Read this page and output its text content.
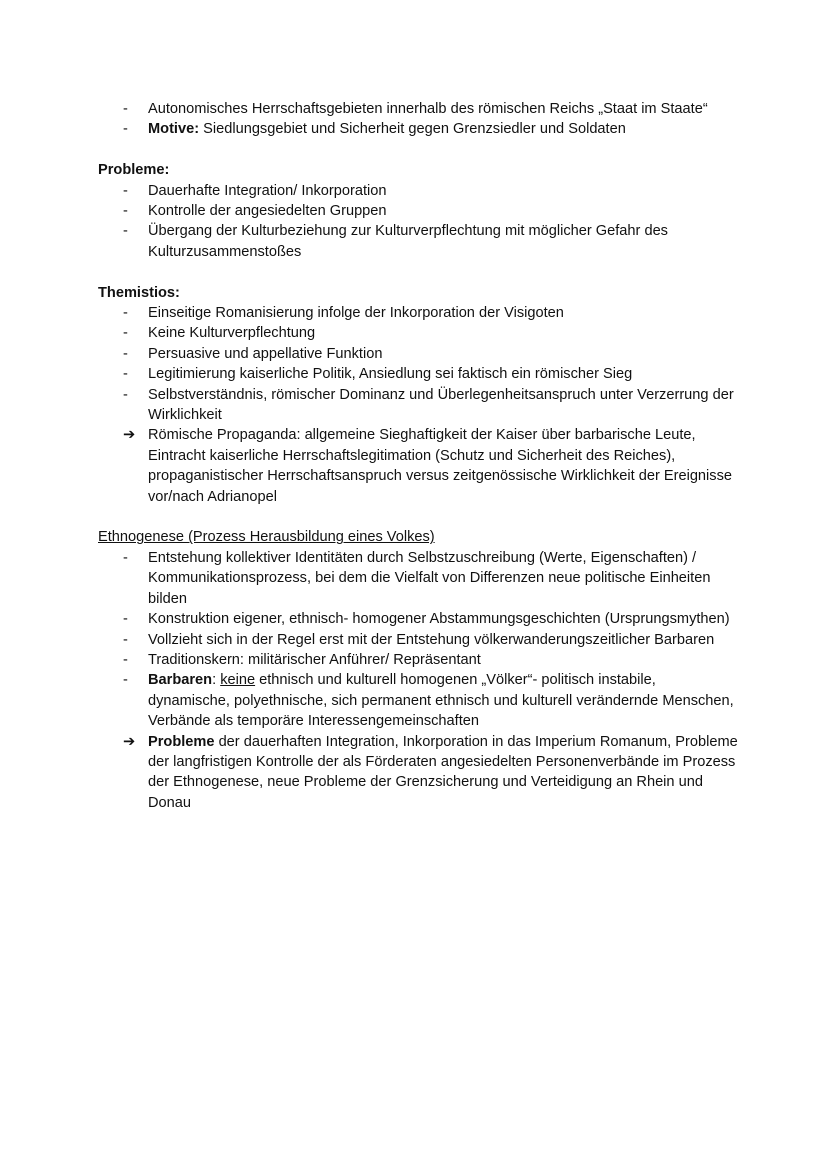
-	Autonomisches Herrschaftsgebieten innerhalb des römischen Reichs „Staat im Staate“
-	Motive: Siedlungsgebiet und Sicherheit gegen Grenzsiedler und Soldaten

Probleme:

-	Dauerhafte Integration/ Inkorporation
-	Kontrolle der angesiedelten Gruppen
-	Übergang der Kulturbeziehung zur Kulturverpflechtung mit möglicher Gefahr des Kulturzusammenstoßes

Themistios:

-	Einseitige Romanisierung infolge der Inkorporation der Visigoten
-	Keine Kulturverpflechtung
-	Persuasive und appellative Funktion
-	Legitimierung kaiserliche Politik, Ansiedlung sei faktisch ein römischer Sieg
-	Selbstverständnis, römischer Dominanz und Überlegenheitsanspruch unter Verzerrung der Wirklichkeit
➔ Römische Propaganda: allgemeine Sieghaftigkeit der Kaiser über barbarische Leute, Eintracht kaiserliche Herrschaftslegitimation (Schutz und Sicherheit des Reiches), propaganistischer Herrschaftsanspruch versus zeitgenössische Wirklichkeit der Ereignisse vor/nach Adrianopel

Ethnogenese (Prozess Herausbildung eines Volkes)

-	Entstehung kollektiver Identitäten durch Selbstzuschreibung (Werte, Eigenschaften) / Kommunikationsprozess, bei dem die Vielfalt von Differenzen neue politische Einheiten bilden
-	Konstruktion eigener, ethnisch- homogener Abstammungsgeschichten (Ursprungsmythen)
-	Vollzieht sich in der Regel erst mit der Entstehung völkerwanderungszeitlicher Barbaren
-	Traditionskern: militärischer Anführer/ Repräsentant
-	Barbaren: keine ethnisch und kulturell homogenen „Völker“- politisch instabile, dynamische, polyethnische, sich permanent ethnisch und kulturell verändernde Menschen, Verbände als temporäre Interessengemeinschaften
➔ Probleme der dauerhaften Integration, Inkorporation in das Imperium Romanum, Probleme der langfristigen Kontrolle der als Förderaten angesiedelten Personenverbände im Prozess der Ethnogenese, neue Probleme der Grenzsicherung und Verteidigung an Rhein und Donau
